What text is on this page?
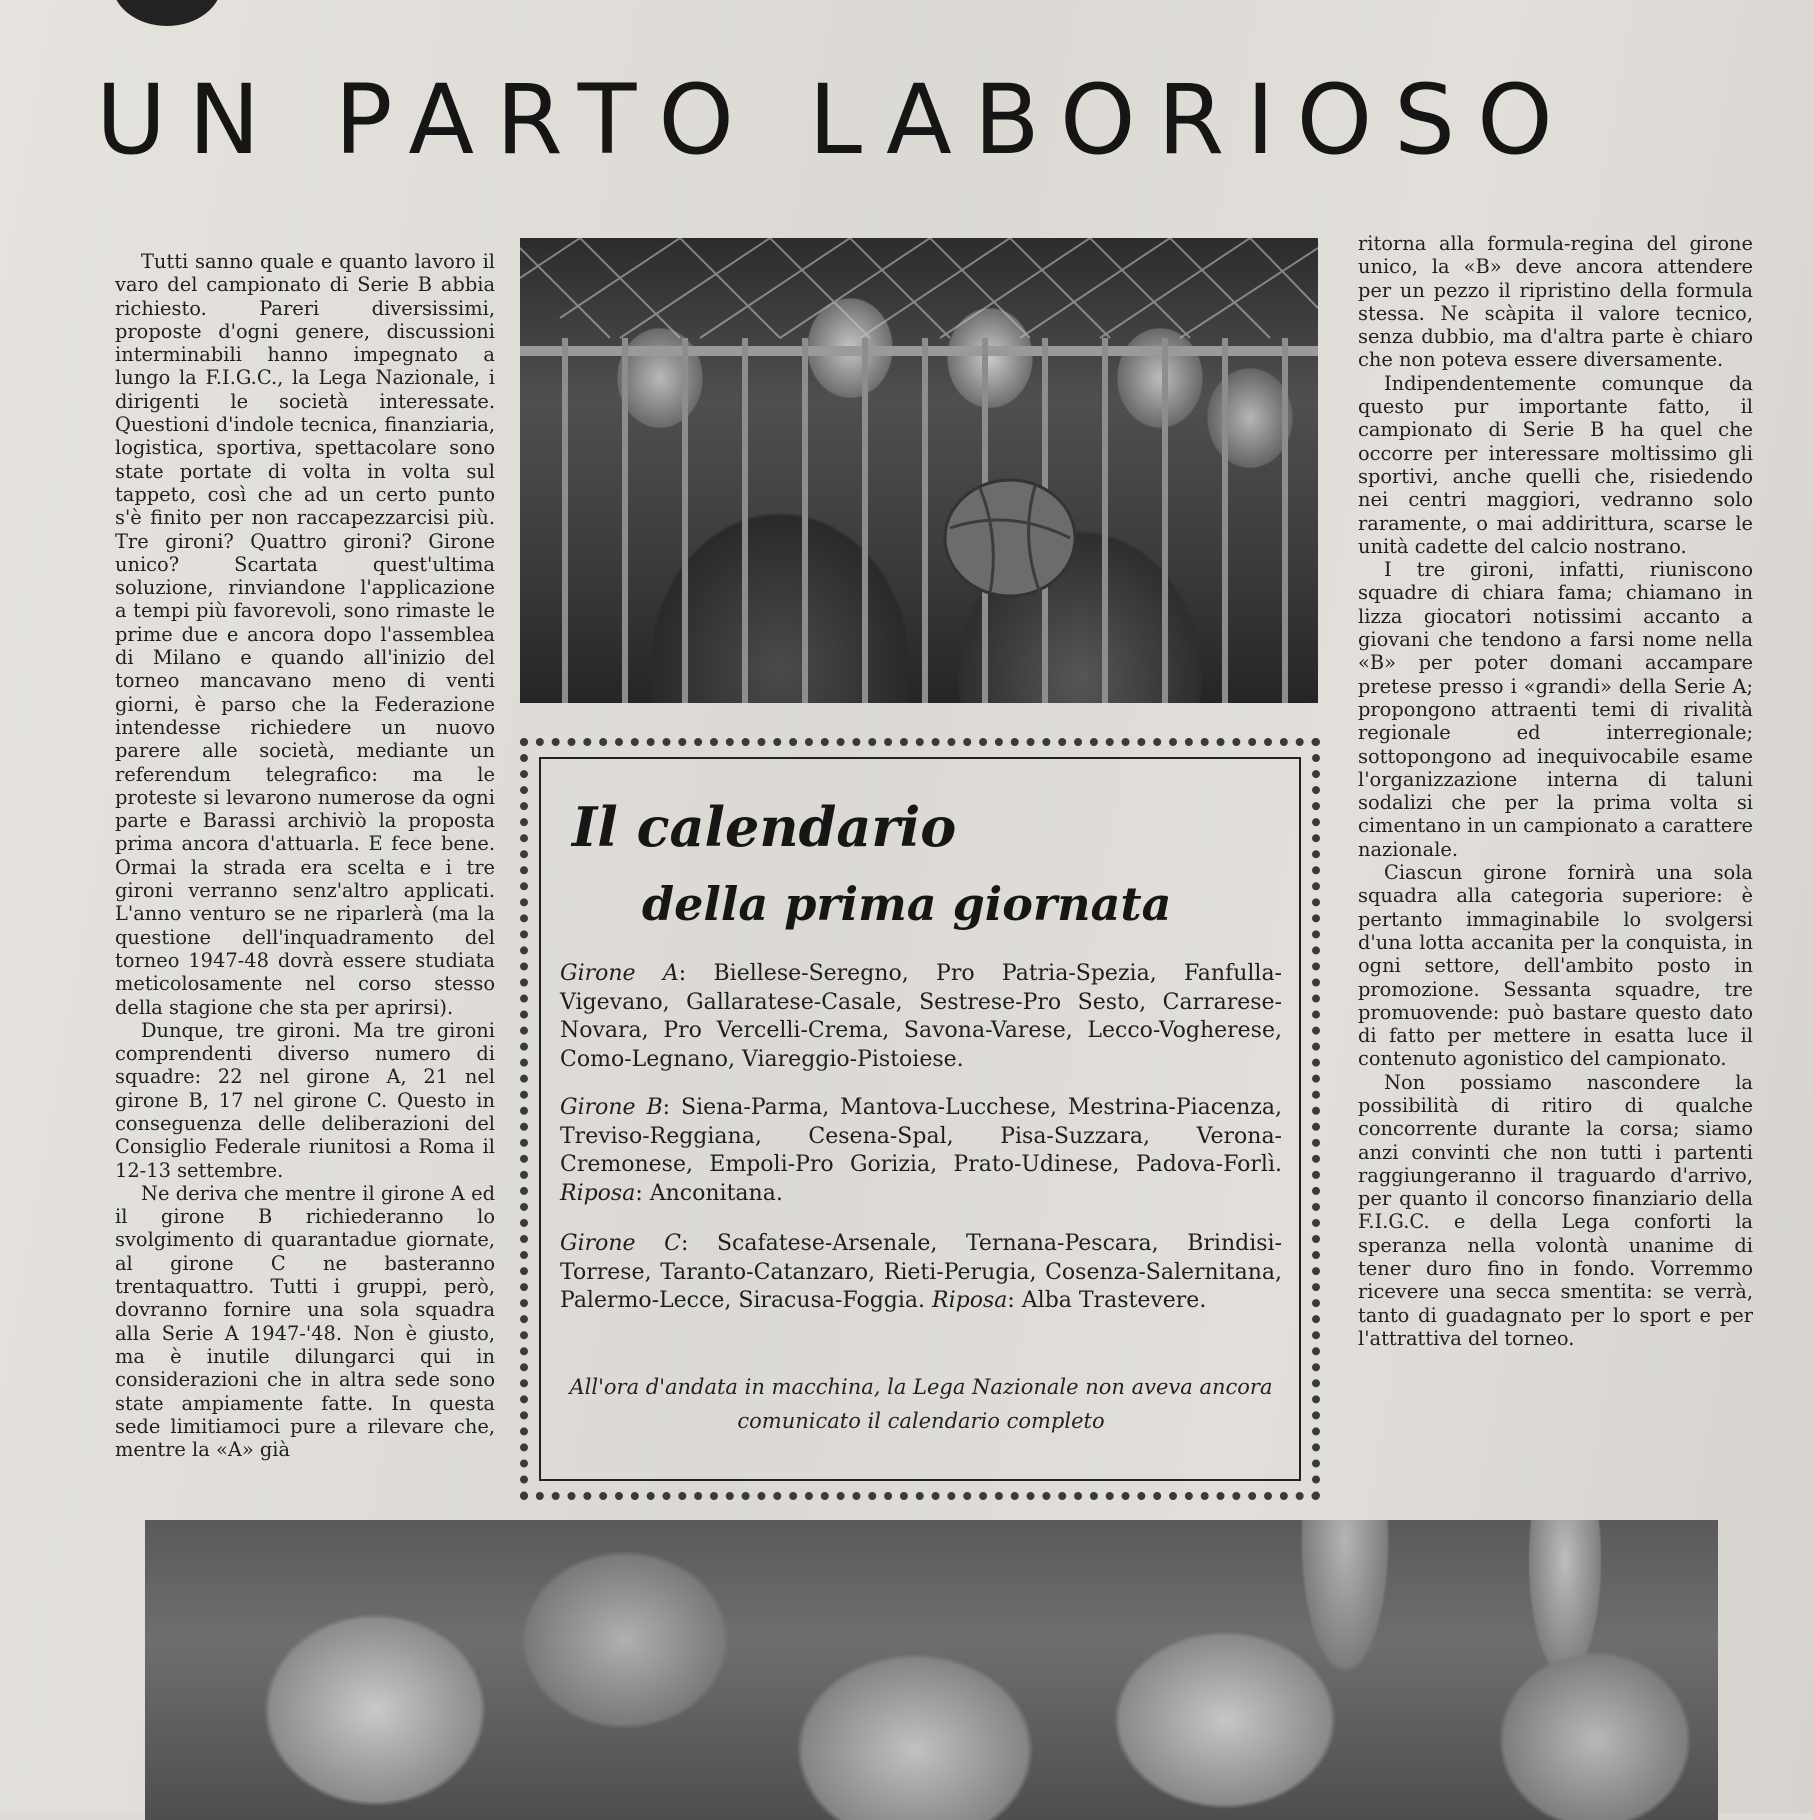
UN PARTO LABORIOSO

Tutti sanno quale e quanto lavoro il varo del campionato di Serie B abbia richiesto. Pareri diversissimi, proposte d'ogni genere, discussioni interminabili hanno impegnato a lungo la F.I.G.C., la Lega Nazionale, i dirigenti le società interessate. Questioni d'indole tecnica, finanziaria, logistica, sportiva, spettacolare sono state portate di volta in volta sul tappeto, così che ad un certo punto s'è finito per non raccapezzarcisi più. Tre gironi? Quattro gironi? Girone unico? Scartata quest'ultima soluzione, rinviandone l'applicazione a tempi più favorevoli, sono rimaste le prime due e ancora dopo l'assemblea di Milano e quando all'inizio del torneo mancavano meno di venti giorni, è parso che la Federazione intendesse richiedere un nuovo parere alle società, mediante un referendum telegrafico: ma le proteste si levarono numerose da ogni parte e Barassi archiviò la proposta prima ancora d'attuarla. E fece bene. Ormai la strada era scelta e i tre gironi verranno senz'altro applicati. L'anno venturo se ne riparlerà (ma la questione dell'inquadramento del torneo 1947-48 dovrà essere studiata meticolosamente nel corso stesso della stagione che sta per aprirsi).

Dunque, tre gironi. Ma tre gironi comprendenti diverso numero di squadre: 22 nel girone A, 21 nel girone B, 17 nel girone C. Questo in conseguenza delle deliberazioni del Consiglio Federale riunitosi a Roma il 12-13 settembre.

Ne deriva che mentre il girone A ed il girone B richiederanno lo svolgimento di quarantadue giornate, al girone C ne basteranno trentaquattro. Tutti i gruppi, però, dovranno fornire una sola squadra alla Serie A 1947-'48. Non è giusto, ma è inutile dilungarci qui in considerazioni che in altra sede sono state ampiamente fatte. In questa sede limitiamoci pure a rilevare che, mentre la «A» già

ritorna alla formula-regina del girone unico, la «B» deve ancora attendere per un pezzo il ripristino della formula stessa. Ne scàpita il valore tecnico, senza dubbio, ma d'altra parte è chiaro che non poteva essere diversamente.

Indipendentemente comunque da questo pur importante fatto, il campionato di Serie B ha quel che occorre per interessare moltissimo gli sportivi, anche quelli che, risiedendo nei centri maggiori, vedranno solo raramente, o mai addirittura, scarse le unità cadette del calcio nostrano.

I tre gironi, infatti, riuniscono squadre di chiara fama; chiamano in lizza giocatori notissimi accanto a giovani che tendono a farsi nome nella «B» per poter domani accampare pretese presso i «grandi» della Serie A; propongono attraenti temi di rivalità regionale ed interregionale; sottopongono ad inequivocabile esame l'organizzazione interna di taluni sodalizi che per la prima volta si cimentano in un campionato a carattere nazionale.

Ciascun girone fornirà una sola squadra alla categoria superiore: è pertanto immaginabile lo svolgersi d'una lotta accanita per la conquista, in ogni settore, dell'ambito posto in promozione. Sessanta squadre, tre promuovende: può bastare questo dato di fatto per mettere in esatta luce il contenuto agonistico del campionato.

Non possiamo nascondere la possibilità di ritiro di qualche concorrente durante la corsa; siamo anzi convinti che non tutti i partenti raggiungeranno il traguardo d'arrivo, per quanto il concorso finanziario della F.I.G.C. e della Lega conforti la speranza nella volontà unanime di tener duro fino in fondo. Vorremmo ricevere una secca smentita: se verrà, tanto di guadagnato per lo sport e per l'attrattiva del torneo.

Il calendario
della prima giornata

Girone A: Biellese-Seregno, Pro Patria-Spezia, Fanfulla-Vigevano, Gallaratese-Casale, Sestrese-Pro Sesto, Carrarese-Novara, Pro Vercelli-Crema, Savona-Varese, Lecco-Vogherese, Como-Legnano, Viareggio-Pistoiese.

Girone B: Siena-Parma, Mantova-Lucchese, Mestrina-Piacenza, Treviso-Reggiana, Cesena-Spal, Pisa-Suzzara, Verona-Cremonese, Empoli-Pro Gorizia, Prato-Udinese, Padova-Forlì. Riposa: Anconitana.

Girone C: Scafatese-Arsenale, Ternana-Pescara, Brindisi-Torrese, Taranto-Catanzaro, Rieti-Perugia, Cosenza-Salernitana, Palermo-Lecce, Siracusa-Foggia. Riposa: Alba Trastevere.

All'ora d'andata in macchina, la Lega Nazionale non aveva ancora comunicato il calendario completo
